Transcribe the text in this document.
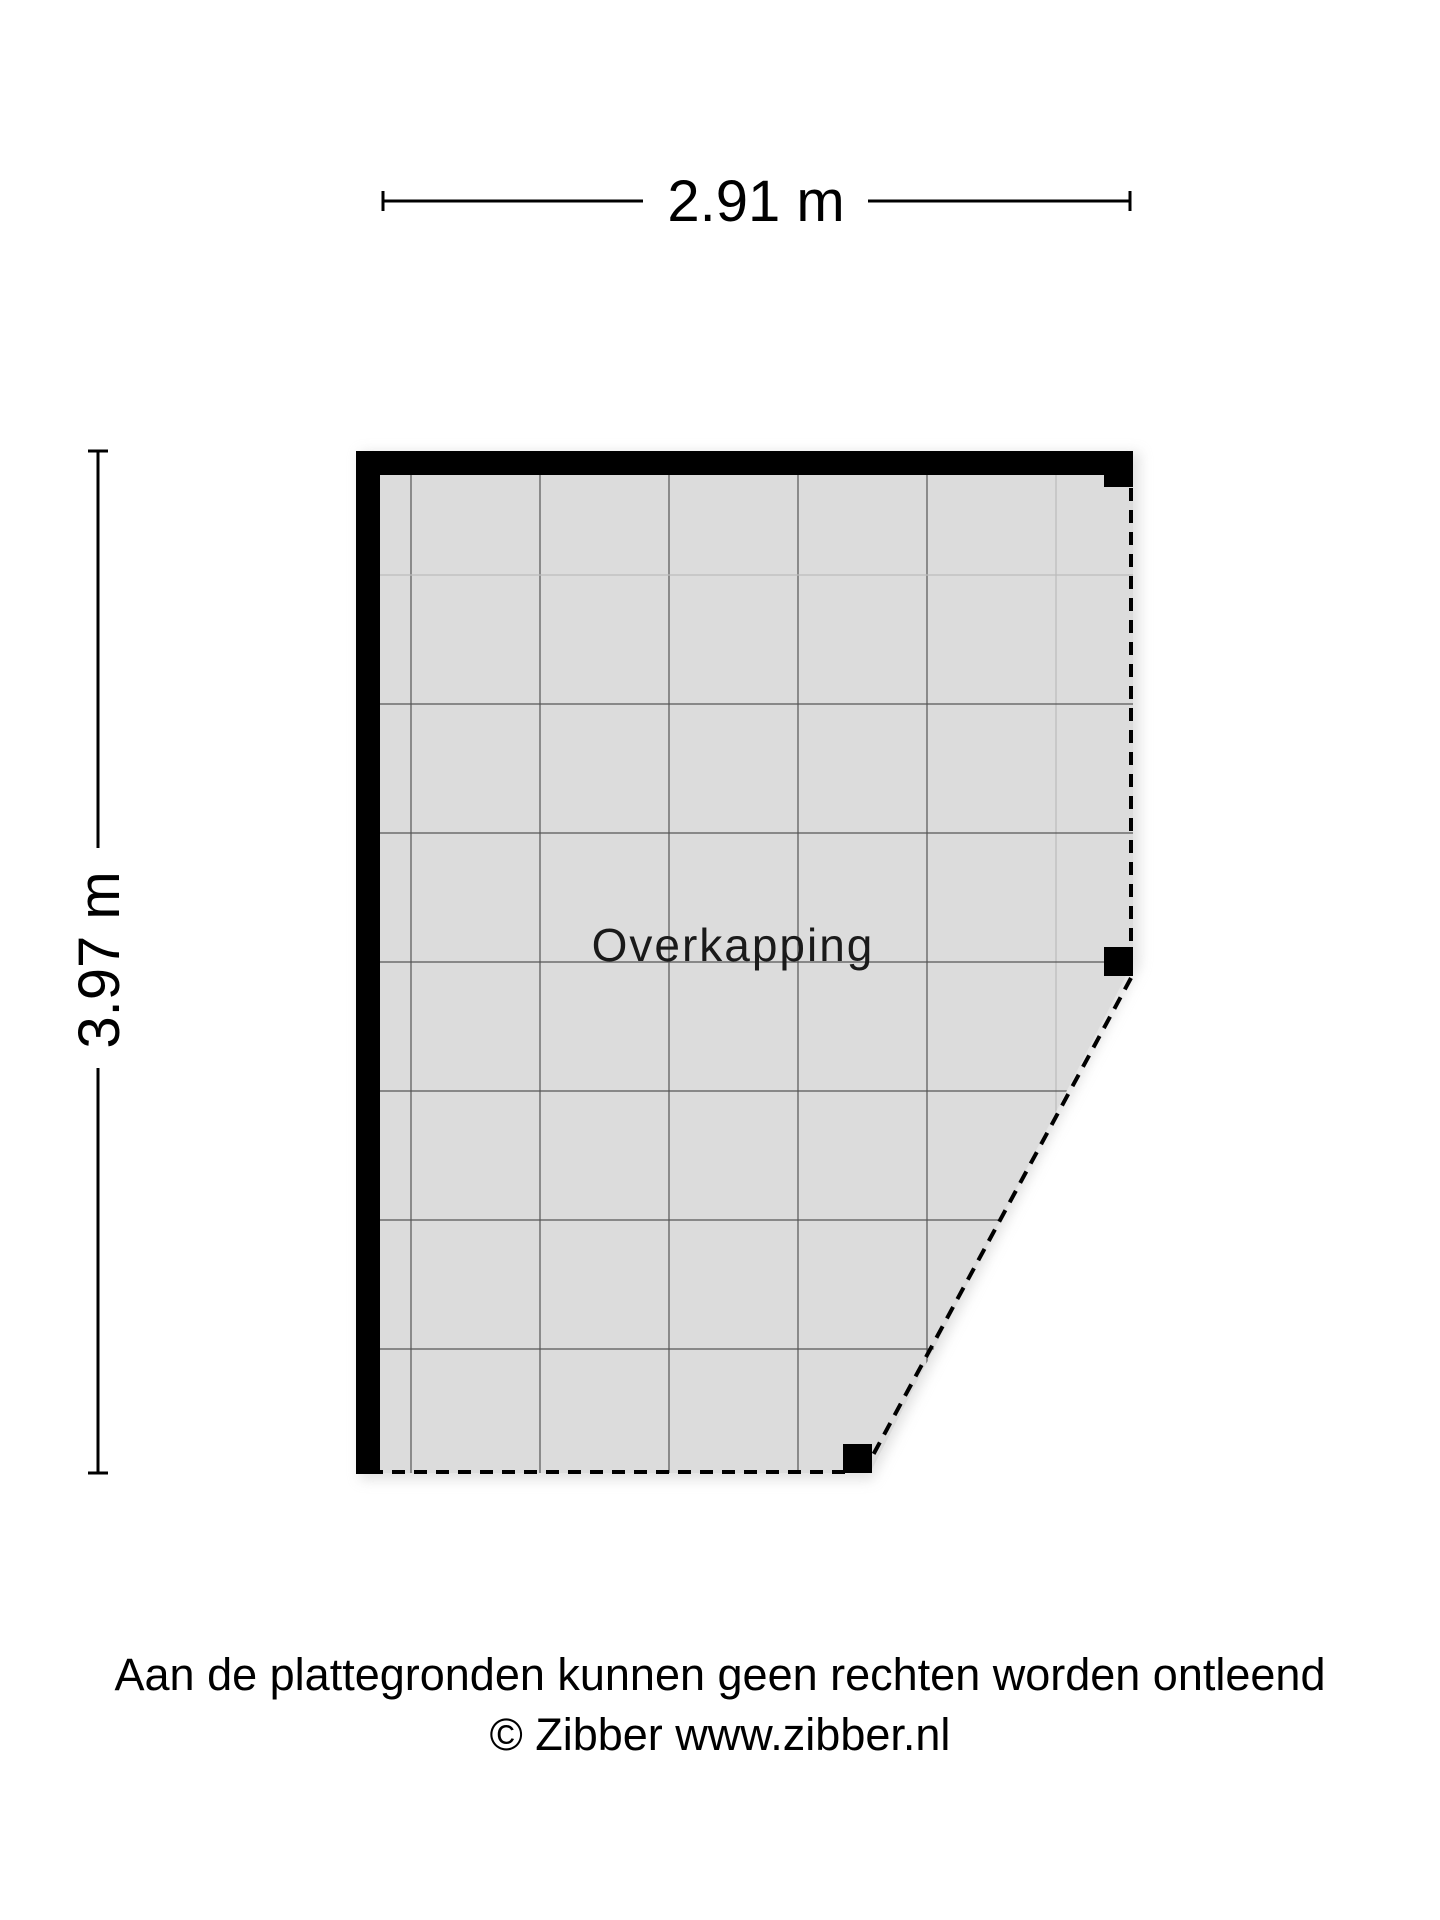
2.91 m
3.97 m	Overkapping
Aan de plattegronden kunnen geen rechten worden ontleend
© Zibber www.zibber.nl
